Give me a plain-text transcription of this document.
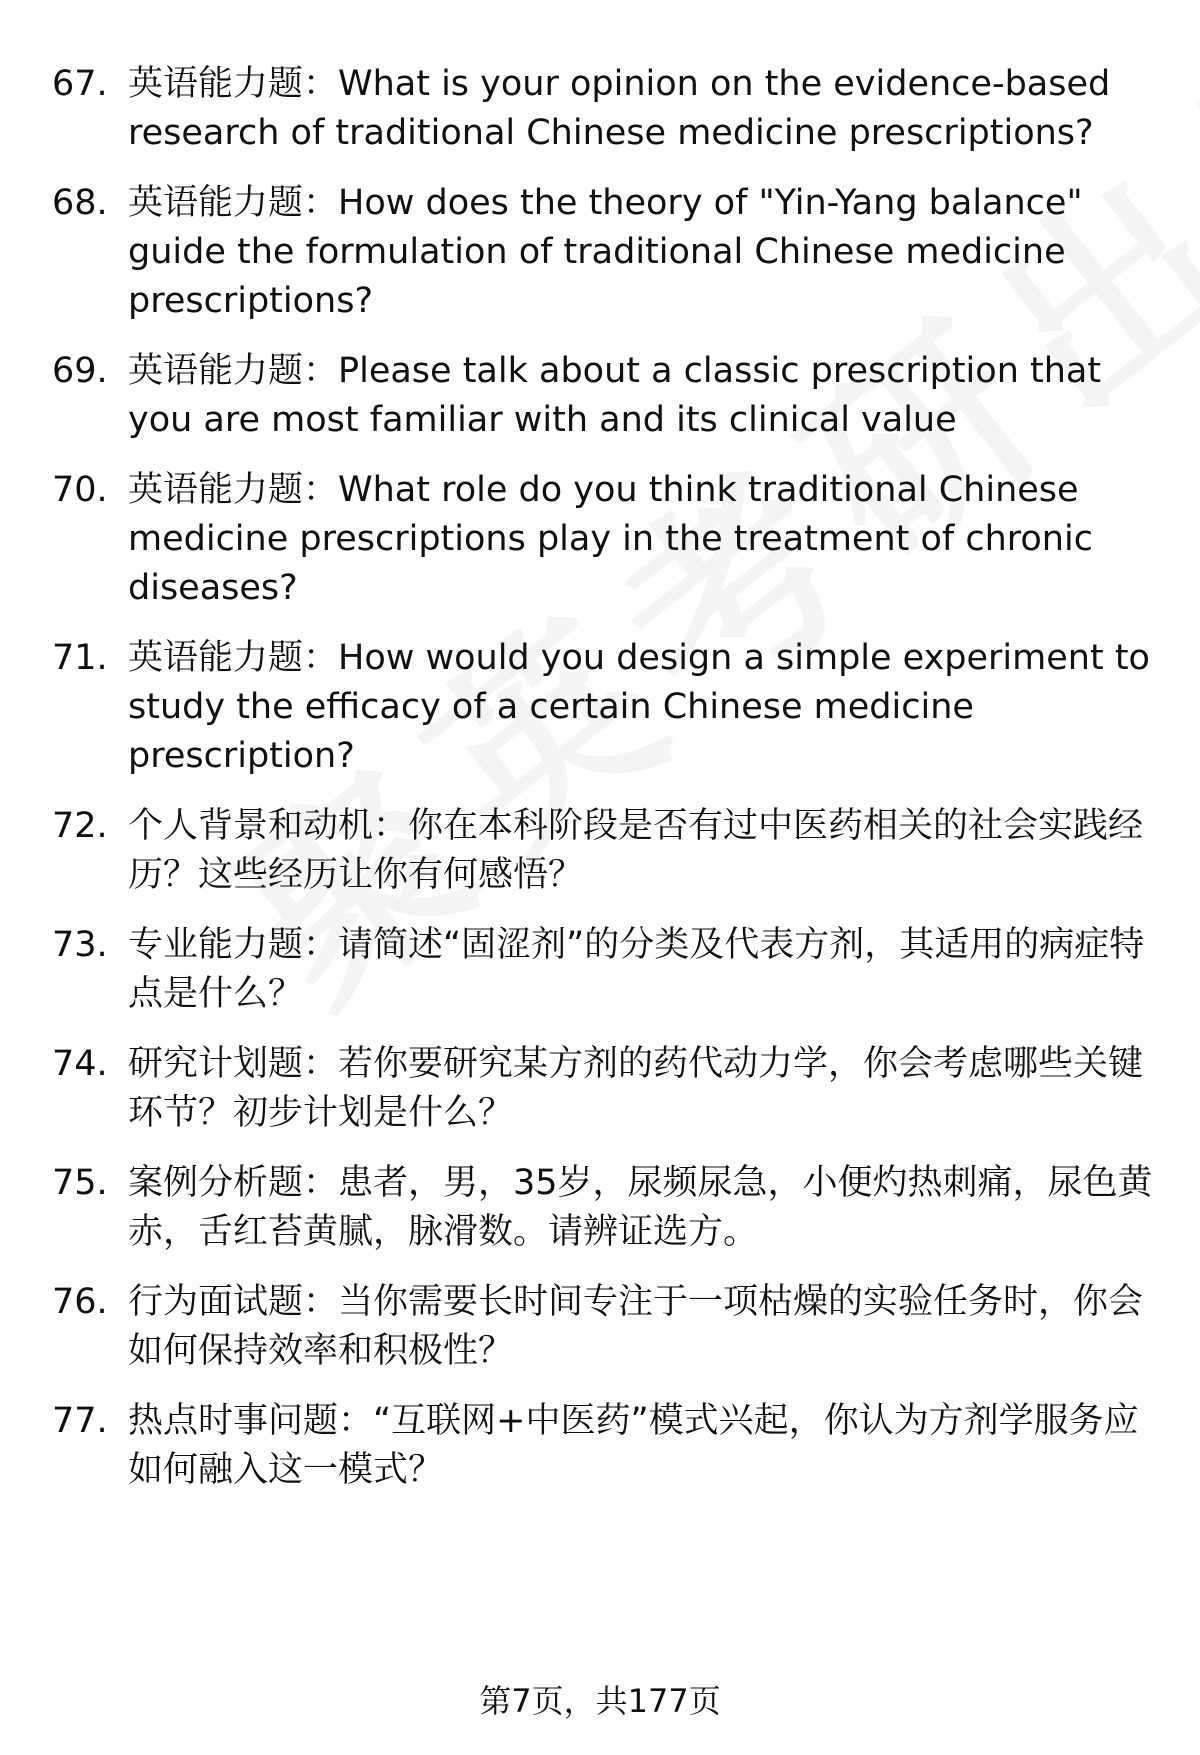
67. 英语能力题：What is your opinion on the evidence-based research of traditional Chinese medicine prescriptions?

68. 英语能力题：How does the theory of "Yin-Yang balance" guide the formulation of traditional Chinese medicine prescriptions?

69. 英语能力题：Please talk about a classic prescription that you are most familiar with and its clinical value

70. 英语能力题：What role do you think traditional Chinese medicine prescriptions play in the treatment of chronic diseases?

71. 英语能力题：How would you design a simple experiment to study the efficacy of a certain Chinese medicine prescription?

72. 个人背景和动机：你在本科阶段是否有过中医药相关的社会实践经历？这些经历让你有何感悟？

73. 专业能力题：请简述“固涩剂”的分类及代表方剂，其适用的病症特点是什么？

74. 研究计划题：若你要研究某方剂的药代动力学，你会考虑哪些关键环节？初步计划是什么？

75. 案例分析题：患者，男，35岁，尿频尿急，小便灼热刺痛，尿色黄赤，舌红苔黄腻，脉滑数。请辨证选方。

76. 行为面试题：当你需要长时间专注于一项枯燥的实验任务时，你会如何保持效率和积极性？

77. 热点时事问题：“互联网+中医药”模式兴起，你认为方剂学服务应如何融入这一模式？

第7页，共177页
